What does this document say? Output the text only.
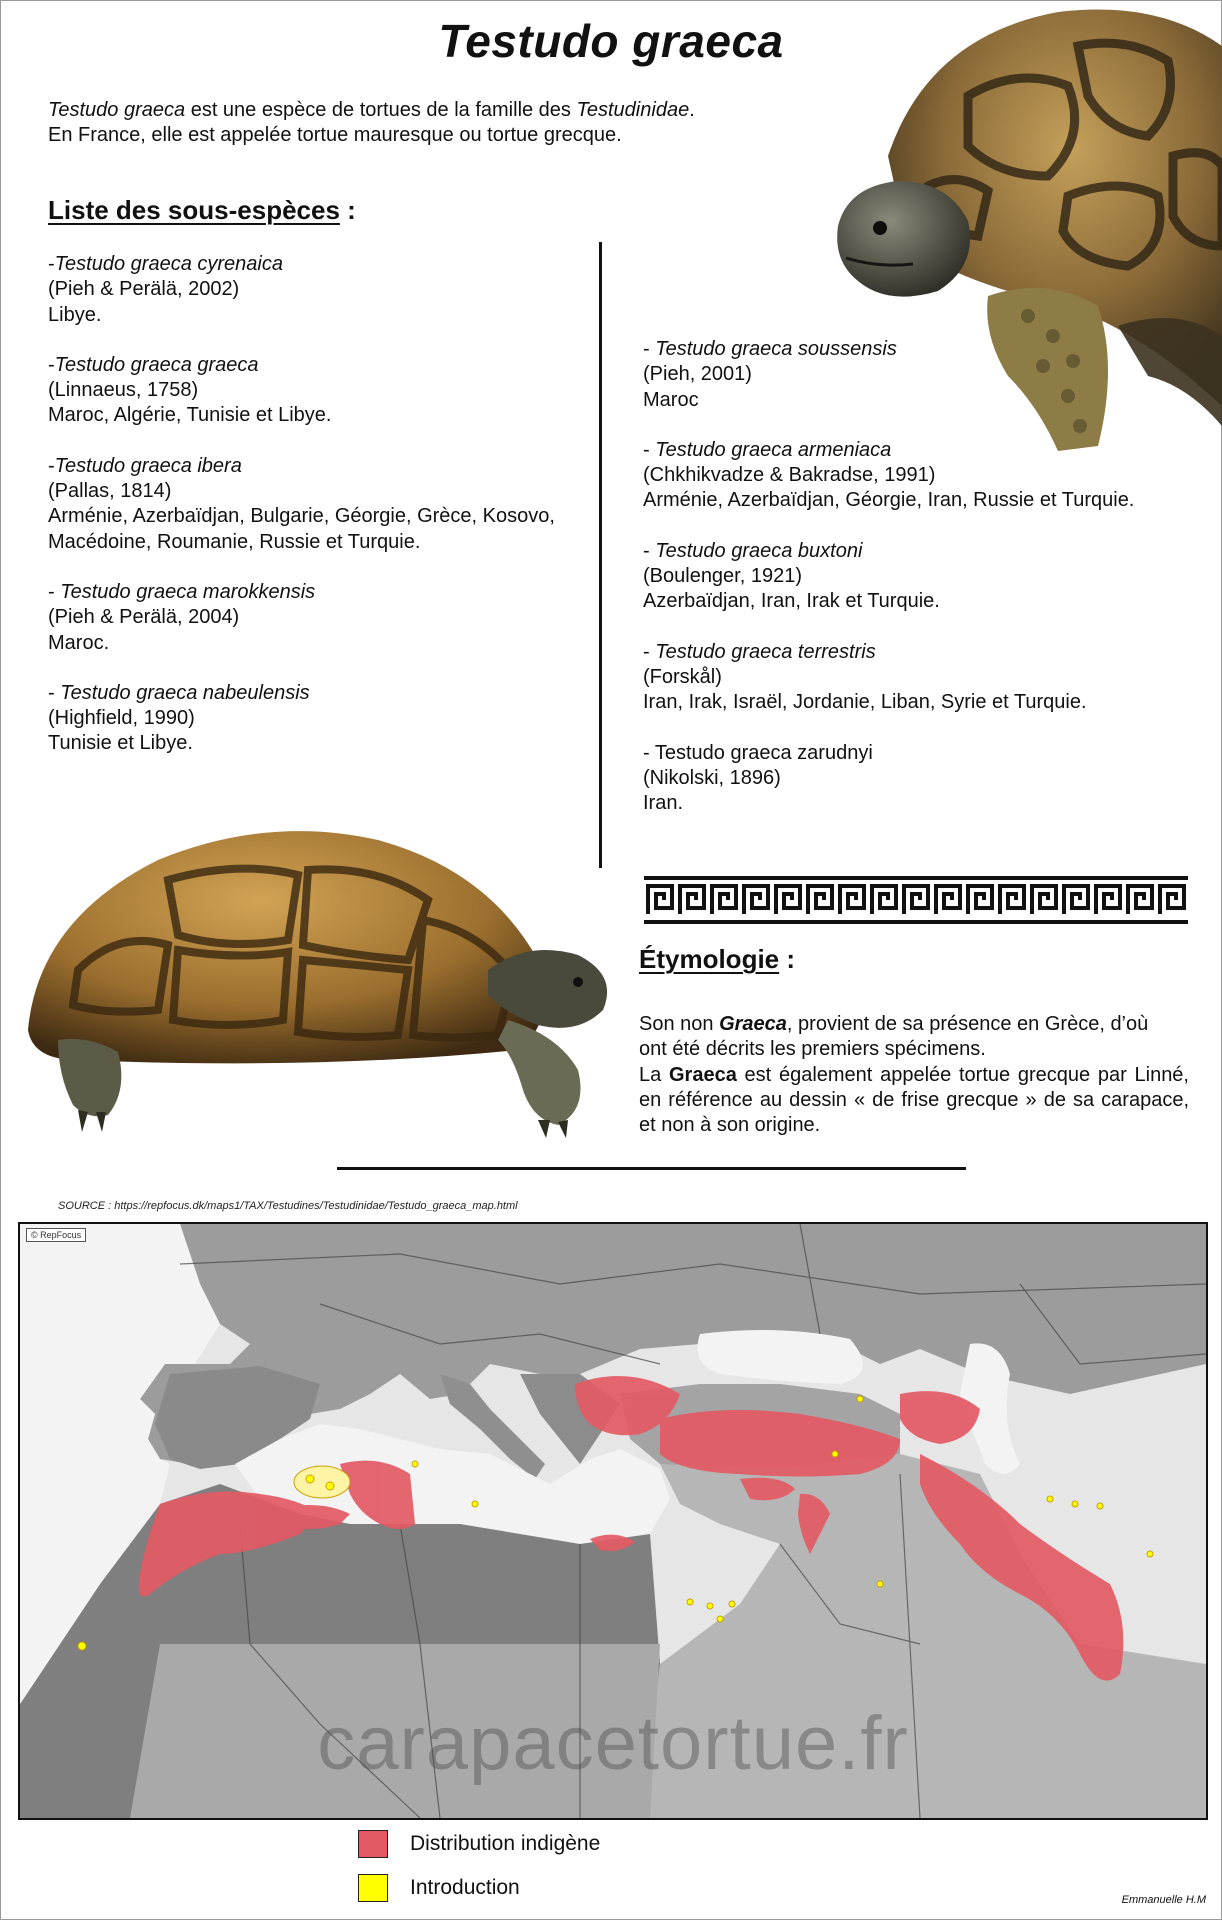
Testudo graeca

Testudo graeca est une espèce de tortues de la famille des Testudinidae.
En France, elle est appelée tortue mauresque ou tortue grecque.

Liste des sous-espèces :
-Testudo graeca cyrenaica
(Pieh & Perälä, 2002)
Libye.
-Testudo graeca graeca
(Linnaeus, 1758)
Maroc, Algérie, Tunisie et Libye.
-Testudo graeca ibera
(Pallas, 1814)
Arménie, Azerbaïdjan, Bulgarie, Géorgie, Grèce, Kosovo,
Macédoine, Roumanie, Russie et Turquie.
- Testudo graeca marokkensis
(Pieh & Perälä, 2004)
Maroc.
- Testudo graeca nabeulensis
(Highfield, 1990)
Tunisie et Libye.
- Testudo graeca soussensis
(Pieh, 2001)
Maroc
- Testudo graeca armeniaca
(Chkhikvadze & Bakradse, 1991)
Arménie, Azerbaïdjan, Géorgie, Iran, Russie et Turquie.
- Testudo graeca buxtoni
(Boulenger, 1921)
Azerbaïdjan, Iran, Irak et Turquie.
- Testudo graeca terrestris
(Forskål)
Iran, Irak, Israël, Jordanie, Liban, Syrie et Turquie.
- Testudo graeca zarudnyi
(Nikolski, 1896)
Iran.
Étymologie :
Son non Graeca, provient de sa présence en Grèce, d’où
ont été décrits les premiers spécimens.
La Graeca est également appelée tortue grecque par Linné, en référence au dessin « de frise grecque » de sa carapace, et non à son origine.
SOURCE : https://repfocus.dk/maps1/TAX/Testudines/Testudinidae/Testudo_graeca_map.html
© RepFocus
carapacetortue.fr
Distribution indigène
Introduction
Emmanuelle H.M
